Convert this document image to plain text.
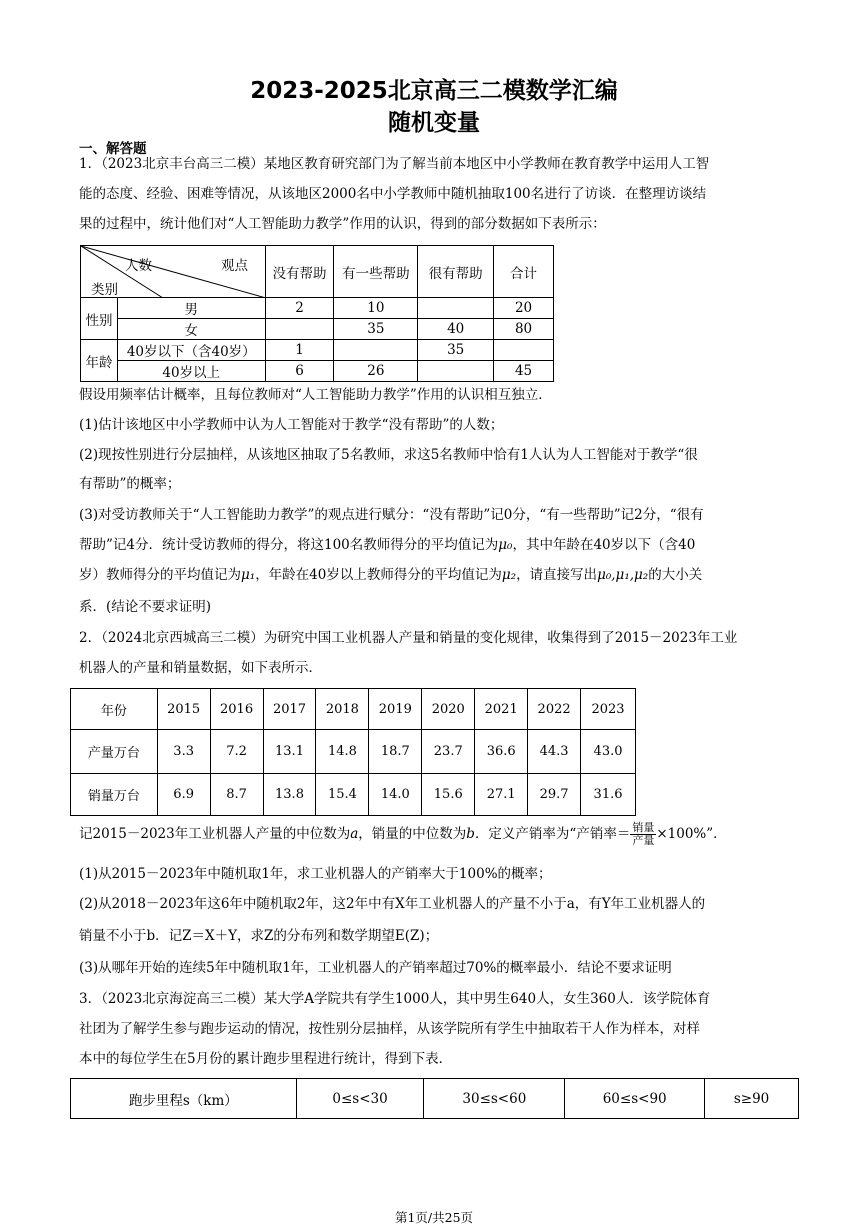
2023-2025北京高三二模数学汇编
随机变量
一、解答题
1．（2023北京丰台高三二模）某地区教育研究部门为了解当前本地区中小学教师在教育教学中运用人工智
能的态度、经验、困难等情况，从该地区2000名中小学教师中随机抽取100名进行了访谈．在整理访谈结
果的过程中，统计他们对“人工智能助力教学”作用的认识，得到的部分数据如下表所示：
人数 观点
类别		没有帮助	有一些帮助	很有帮助	合计
性别	男	2	10		20
	女		35	40	80
年龄	40岁以下（含40岁）	1		35	
	40岁以上	6	26		45
假设用频率估计概率，且每位教师对“人工智能助力教学”作用的认识相互独立．
(1)估计该地区中小学教师中认为人工智能对于教学“没有帮助”的人数；
(2)现按性别进行分层抽样，从该地区抽取了5名教师，求这5名教师中恰有1人认为人工智能对于教学“很
有帮助”的概率；
(3)对受访教师关于“人工智能助力教学”的观点进行赋分：“没有帮助”记0分，“有一些帮助”记2分，“很有
帮助”记4分．统计受访教师的得分，将这100名教师得分的平均值记为μ₀，其中年龄在40岁以下（含40
岁）教师得分的平均值记为μ₁，年龄在40岁以上教师得分的平均值记为μ₂，请直接写出μ₀,μ₁,μ₂的大小关
系．(结论不要求证明)
2．（2024北京西城高三二模）为研究中国工业机器人产量和销量的变化规律，收集得到了2015－2023年工业
机器人的产量和销量数据，如下表所示．
年份	2015	2016	2017	2018	2019	2020	2021	2022	2023
产量万台	3.3	7.2	13.1	14.8	18.7	23.7	36.6	44.3	43.0
销量万台	6.9	8.7	13.8	15.4	14.0	15.6	27.1	29.7	31.6
记2015－2023年工业机器人产量的中位数为a，销量的中位数为b．定义产销率为“产销率＝ $\frac{\text{销量}}{\text{产量}} \times 100\%$”．
(1)从2015－2023年中随机取1年，求工业机器人的产销率大于100%的概率；
(2)从2018－2023年这6年中随机取2年，这2年中有X年工业机器人的产量不小于a，有Y年工业机器人的
销量不小于b．记Z＝X＋Y，求Z的分布列和数学期望E(Z)；
(3)从哪年开始的连续5年中随机取1年，工业机器人的产销率超过70%的概率最小．结论不要求证明
3．（2023北京海淀高三二模）某大学A学院共有学生1000人，其中男生640人，女生360人．该学院体育
社团为了解学生参与跑步运动的情况，按性别分层抽样，从该学院所有学生中抽取若干人作为样本，对样
本中的每位学生在5月份的累计跑步里程进行统计，得到下表．
跑步里程s（km）	0≤s<30	30≤s<60	60≤s<90	s≥90
第1页/共25页
